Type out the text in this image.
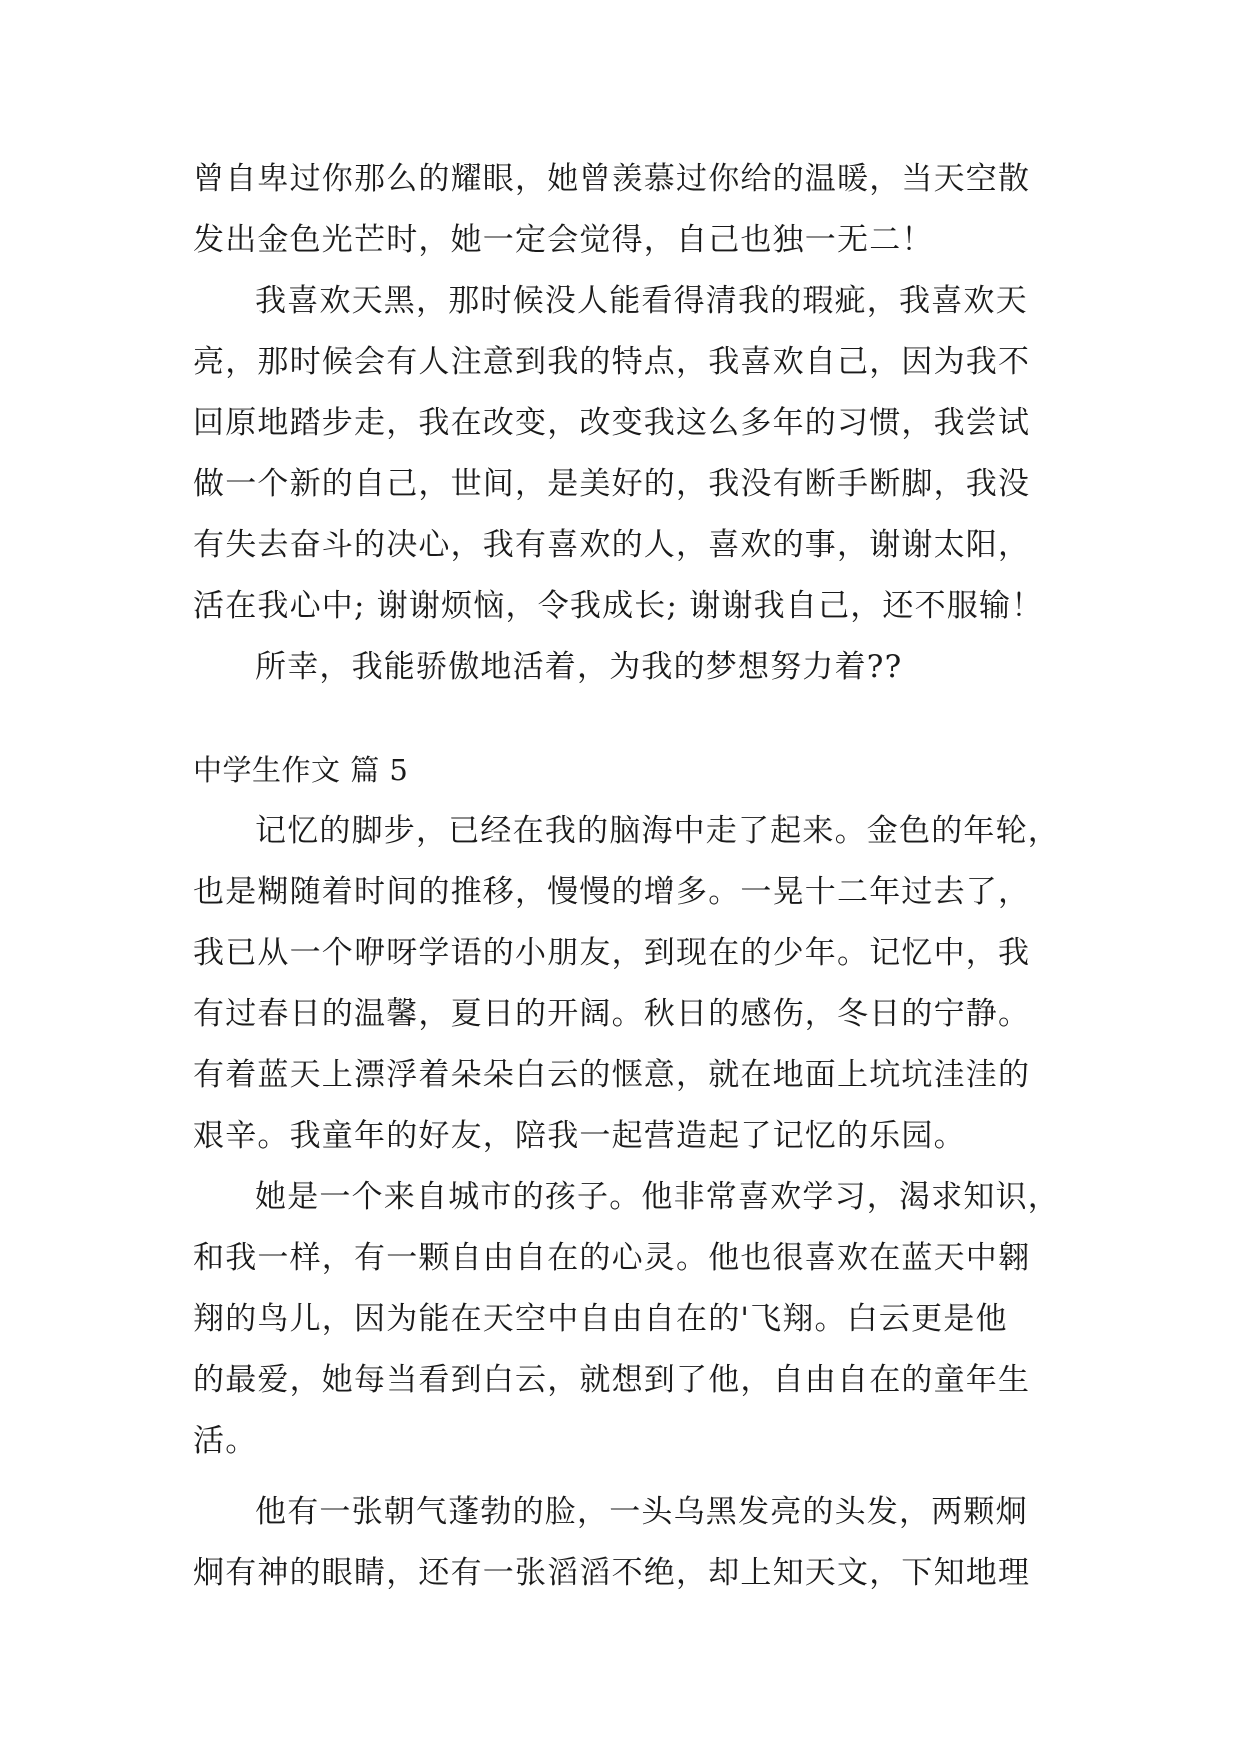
曾自卑过你那么的耀眼，她曾羡慕过你给的温暖，当天空散
发出金色光芒时，她一定会觉得，自己也独一无二！
我喜欢天黑，那时候没人能看得清我的瑕疵，我喜欢天
亮，那时候会有人注意到我的特点，我喜欢自己，因为我不
回原地踏步走，我在改变，改变我这么多年的习惯，我尝试
做一个新的自己，世间，是美好的，我没有断手断脚，我没
有失去奋斗的决心，我有喜欢的人，喜欢的事，谢谢太阳，
活在我心中; 谢谢烦恼，令我成长; 谢谢我自己，还不服输！
所幸，我能骄傲地活着，为我的梦想努力着??
中学生作文 篇 5
记忆的脚步，已经在我的脑海中走了起来。金色的年轮，
也是糊随着时间的推移，慢慢的增多。一晃十二年过去了，
我已从一个咿呀学语的小朋友，到现在的少年。记忆中，我
有过春日的温馨，夏日的开阔。秋日的感伤，冬日的宁静。
有着蓝天上漂浮着朵朵白云的惬意，就在地面上坑坑洼洼的
艰辛。我童年的好友，陪我一起营造起了记忆的乐园。
她是一个来自城市的孩子。他非常喜欢学习，渴求知识，
和我一样，有一颗自由自在的心灵。他也很喜欢在蓝天中翱
翔的鸟儿，因为能在天空中自由自在的'飞翔。白云更是他
的最爱，她每当看到白云，就想到了他，自由自在的童年生
活。
他有一张朝气蓬勃的脸，一头乌黑发亮的头发，两颗炯
炯有神的眼睛，还有一张滔滔不绝，却上知天文，下知地理
